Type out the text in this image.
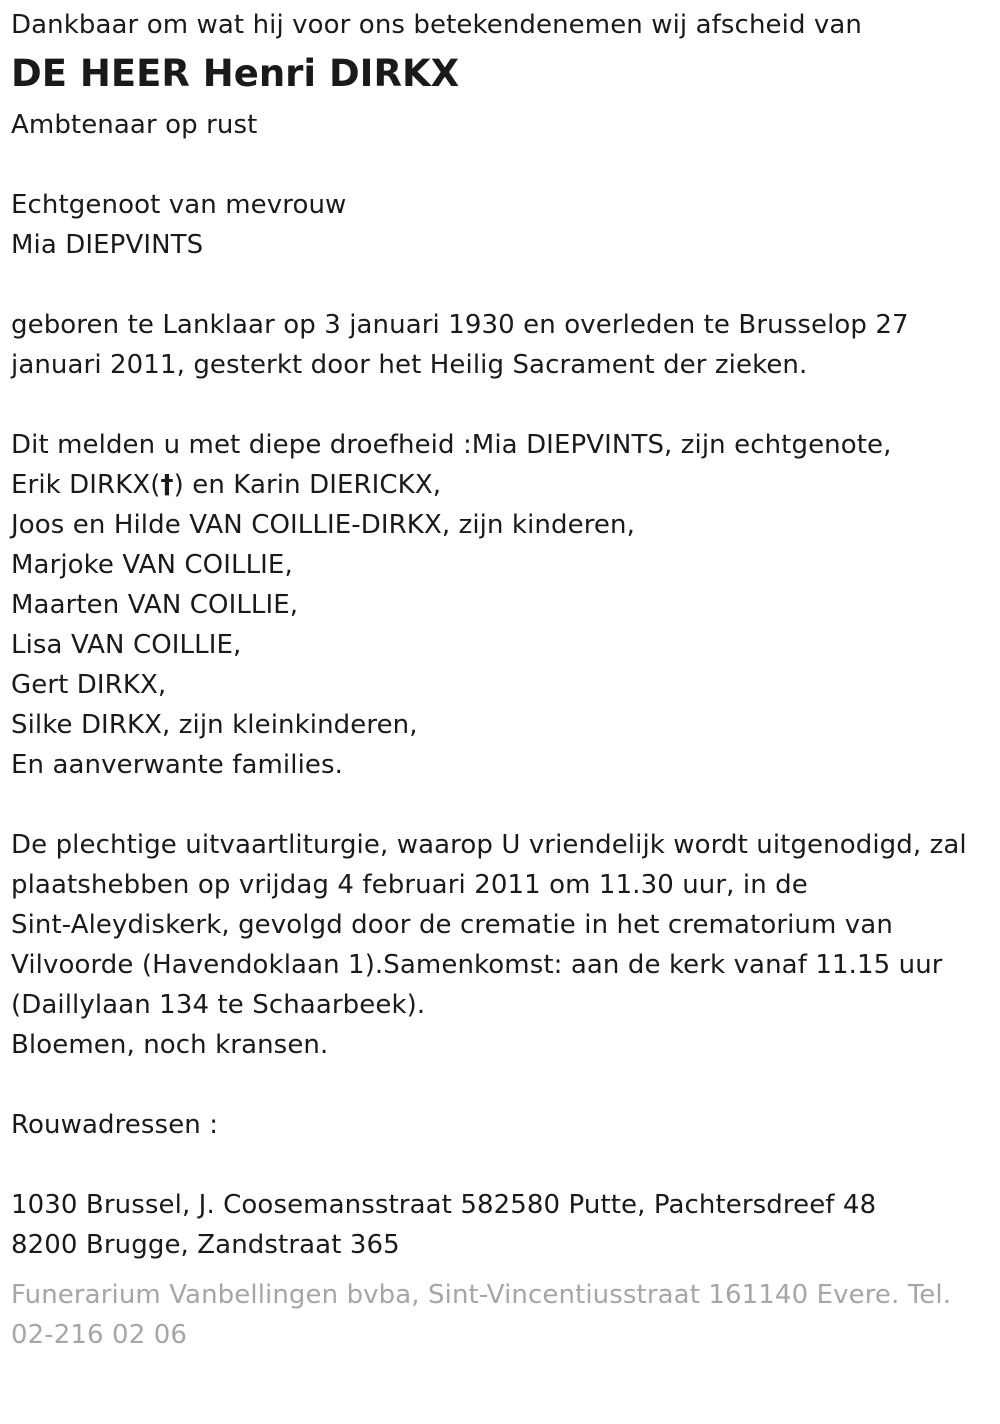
Dankbaar om wat hij voor ons betekendenemen wij afscheid van
DE HEER Henri DIRKX
Ambtenaar op rust
Echtgenoot van mevrouw
Mia DIEPVINTS
geboren te Lanklaar op 3 januari 1930 en overleden te Brusselop 27
januari 2011, gesterkt door het Heilig Sacrament der zieken.
Dit melden u met diepe droefheid :Mia DIEPVINTS, zijn echtgenote,
Erik DIRKX(†) en Karin DIERICKX,
Joos en Hilde VAN COILLIE-DIRKX, zijn kinderen,
Marjoke VAN COILLIE,
Maarten VAN COILLIE,
Lisa VAN COILLIE,
Gert DIRKX,
Silke DIRKX, zijn kleinkinderen,
En aanverwante families.
De plechtige uitvaartliturgie, waarop U vriendelijk wordt uitgenodigd, zal
plaatshebben op vrijdag 4 februari 2011 om 11.30 uur, in de
Sint-Aleydiskerk, gevolgd door de crematie in het crematorium van
Vilvoorde (Havendoklaan 1).Samenkomst: aan de kerk vanaf 11.15 uur
(Daillylaan 134 te Schaarbeek).
Bloemen, noch kransen.
Rouwadressen :
1030 Brussel, J. Coosemansstraat 582580 Putte, Pachtersdreef 48
8200 Brugge, Zandstraat 365
Funerarium Vanbellingen bvba, Sint-Vincentiusstraat 161140 Evere. Tel.
02-216 02 06
